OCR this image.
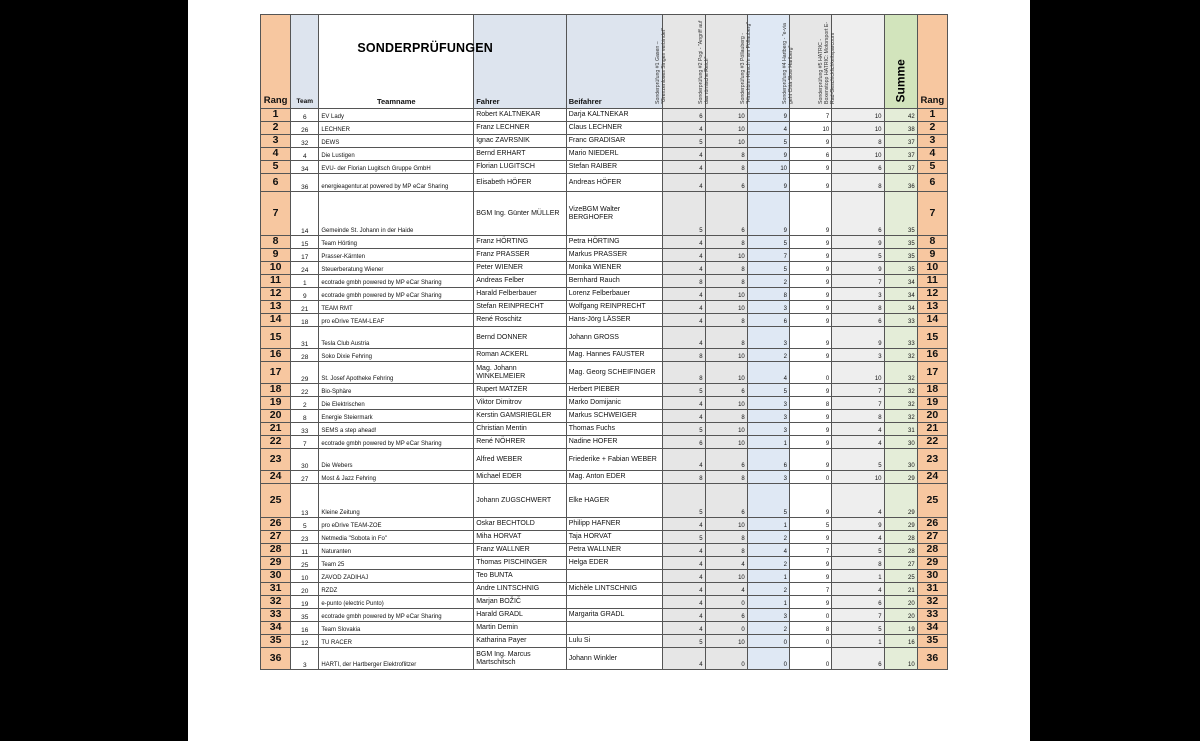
Rang	Team	SONDERPRÜFUNGEN
Teamname	Fahrer	Beifahrer	Sonderprüfung #1 Gasen – "Grenzenloses Singen verbindet"	Sonderprüfung #2 Pogi - "Angriff auf das römische Reich"	Sonderprüfung #3 Pöllauberg - "Hirschbirn-Hirsch'n am Pöllauberg"	Sonderprüfung #4 Hartberg - "e-via geht Città Slow Hartberg"	Sonderprüfung #5 HATRIC - Boxenstopp HATRIC: Motorsport E-Rad-Geschicklichkeitsparcours	Summe	Rang
1	6	EV Lady	Robert KALTNEKAR	Darja KALTNEKAR	6	10	9	7	10	42	1
2	26	LECHNER	Franz LECHNER	Claus LECHNER	4	10	4	10	10	38	2
3	32	DEWS	Ignac ZAVRSNIK	Franc GRADISAR	5	10	5	9	8	37	3
4	4	Die Lustigen	Bernd ERHART	Mario NIEDERL	4	8	9	6	10	37	4
5	34	EVU- der Florian Lugitsch Gruppe GmbH	Florian LUGITSCH	Stefan RAIBER	4	8	10	9	6	37	5
6	36	energieagentur.at powered by MP eCar Sharing	Elisabeth HÖFER	Andreas HÖFER	4	6	9	9	8	36	6
7	14	Gemeinde St. Johann in der Haide	BGM Ing. Günter MÜLLER	VizeBGM Walter BERGHOFER	5	6	9	9	6	35	7
8	15	Team Hörting	Franz HÖRTING	Petra HÖRTING	4	8	5	9	9	35	8
9	17	Prasser-Kärnten	Franz PRASSER	Markus PRASSER	4	10	7	9	5	35	9
10	24	Steuerberatung Wiener	Peter WIENER	Monika WIENER	4	8	5	9	9	35	10
11	1	ecotrade gmbh powered by MP eCar Sharing	Andreas Felber	Bernhard Rauch	8	8	2	9	7	34	11
12	9	ecotrade gmbh powered by MP eCar Sharing	Harald Felberbauer	Lorenz Felberbauer	4	10	8	9	3	34	12
13	21	TEAM RMT	Stefan REINPRECHT	Wolfgang REINPRECHT	4	10	3	9	8	34	13
14	18	pro eDrive TEAM-LEAF	René Roschitz	Hans-Jörg LÄSSER	4	8	6	9	6	33	14
15	31	Tesla Club Austria	Bernd DONNER	Johann GROSS	4	8	3	9	9	33	15
16	28	Soko Dixie Fehring	Roman ACKERL	Mag. Hannes FAUSTER	8	10	2	9	3	32	16
17	29	St. Josef Apotheke Fehring	Mag. Johann WINKELMEIER	Mag. Georg SCHEIFINGER	8	10	4	0	10	32	17
18	22	Bio-Sphäre	Rupert MATZER	Herbert PIEBER	5	6	5	9	7	32	18
19	2	Die Elektrischen	Viktor Dimitrov	Marko Domijanic	4	10	3	8	7	32	19
20	8	Energie Steiermark	Kerstin GAMSRIEGLER	Markus SCHWEIGER	4	8	3	9	8	32	20
21	33	SEMS a step ahead!	Christian Mentin	Thomas Fuchs	5	10	3	9	4	31	21
22	7	ecotrade gmbh powered by MP eCar Sharing	René NÖHRER	Nadine HOFER	6	10	1	9	4	30	22
23	30	Die Webers	Alfred WEBER	Friederike + Fabian WEBER	4	6	6	9	5	30	23
24	27	Most & Jazz Fehring	Michael EDER	Mag. Anton EDER	8	8	3	0	10	29	24
25	13	Kleine Zeitung	Johann ZUGSCHWERT	Elke HAGER	5	6	5	9	4	29	25
26	5	pro eDrive TEAM-ZOE	Oskar BECHTOLD	Philipp HAFNER	4	10	1	5	9	29	26
27	23	Netmedia "Sobota in Fo"	Miha HORVAT	Taja HORVAT	5	8	2	9	4	28	27
28	11	Naturanten	Franz WALLNER	Petra WALLNER	4	8	4	7	5	28	28
29	25	Team 25	Thomas PISCHINGER	Helga EDER	4	4	2	9	8	27	29
30	10	ZAVOD ZADIHAJ	Teo BUNTA		4	10	1	9	1	25	30
31	20	RZDZ	Andre LINTSCHNIG	Michèle LINTSCHNIG	4	4	2	7	4	21	31
32	19	e-punto (electric Punto)	Marjan BOŽIČ		4	0	1	9	6	20	32
33	35	ecotrade gmbh powered by MP eCar Sharing	Harald GRADL	Margarita GRADL	4	6	3	0	7	20	33
34	16	Team Slovakia	Martin Demin		4	0	2	8	5	19	34
35	12	TU RACER	Katharina Payer	Lulu Si	5	10	0	0	1	16	35
36	3	HARTI, der Hartberger Elektroflitzer	BGM Ing. Marcus Martschitsch	Johann Winkler	4	0	0	0	6	10	36
